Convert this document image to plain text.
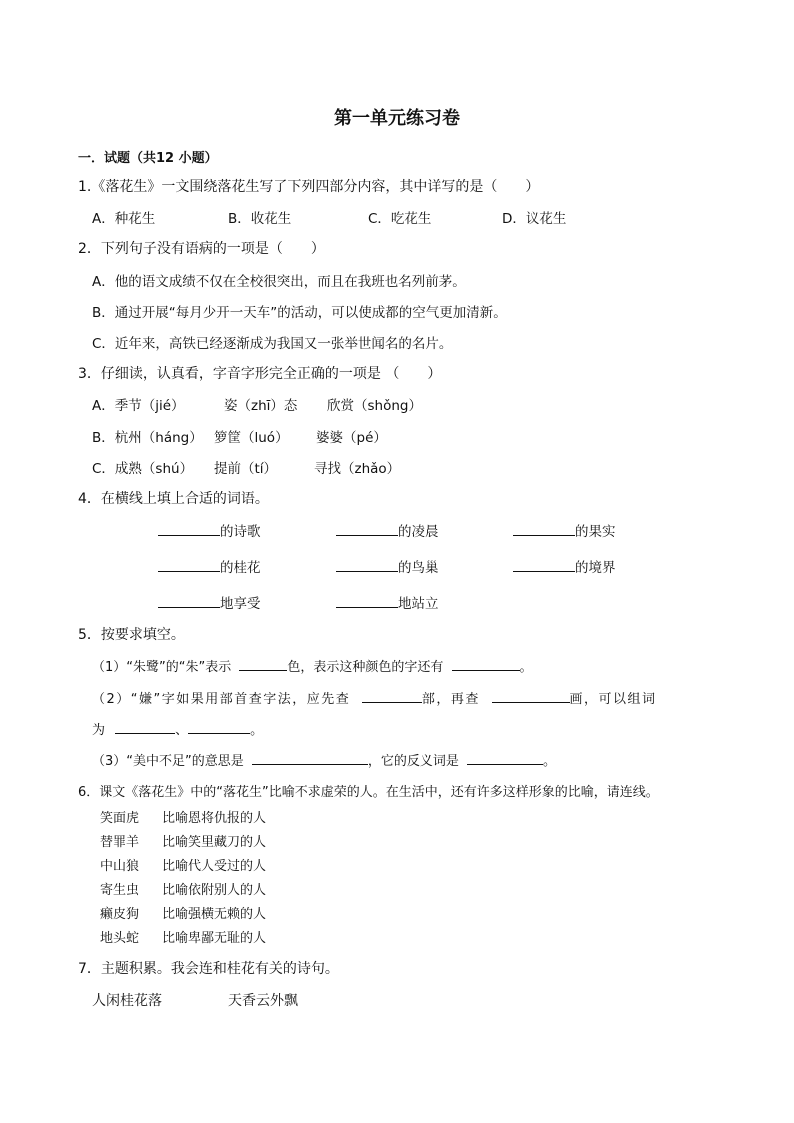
第一单元练习卷
一．试题（共12 小题）
1.《落花生》一文围绕落花生写了下列四部分内容，其中详写的是（　　）
A．种花生	B．收花生	C．吃花生	D．议花生
2．下列句子没有语病的一项是（　　）
A．他的语文成绩不仅在全校很突出，而且在我班也名列前茅。
B．通过开展“每月少开一天车”的活动，可以使成都的空气更加清新。
C．近年来，高铁已经逐渐成为我国又一张举世闻名的名片。
3．仔细读，认真看，字音字形完全正确的一项是 （　　）
A．季节（jié）	姿（zhī）态 欣赏（shǒng）
B．杭州（háng） 箩筐（luó） 婆婆（pé）
C．成熟（shú） 提前（tí）	寻找（zhǎo）
4．在横线上填上合适的词语。
的诗歌	的凌晨	的果实
的桂花	的鸟巢	的境界
地享受	地站立
5．按要求填空。
（1）“朱鹭”的“朱”表示	色，表示这种颜色的字还有	。
（2）“嫌”字如果用部首查字法，应先查	部，再查	画，可以组词
为	、	。
（3）“美中不足”的意思是	，它的反义词是	。
6．课文《落花生》中的“落花生”比喻不求虚荣的人。在生活中，还有许多这样形象的比喻，请连线。
笑面虎 比喻恩将仇报的人
替罪羊 比喻笑里藏刀的人
中山狼 比喻代人受过的人
寄生虫 比喻依附别人的人
癞皮狗 比喻强横无赖的人
地头蛇 比喻卑鄙无耻的人
7．主题积累。我会连和桂花有关的诗句。
人闲桂花落	天香云外飘
